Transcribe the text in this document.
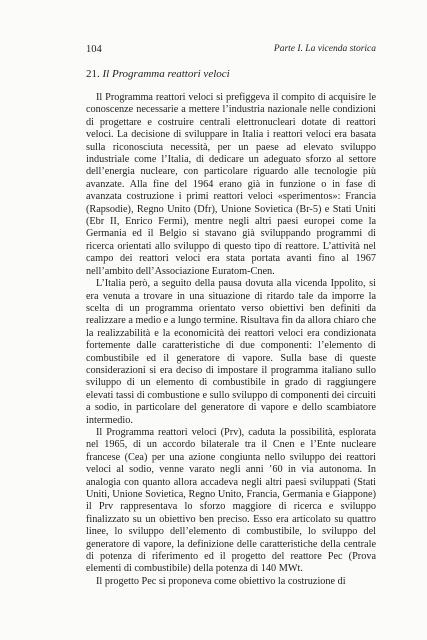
104	Parte I. La vicenda storica
21. Il Programma reattori veloci

Il Programma reattori veloci si prefiggeva il compito di acquisire le conoscenze necessarie a mettere l’industria nazionale nelle condizioni di progettare e costruire centrali elettronucleari dotate di reattori veloci. La decisione di sviluppare in Italia i reattori veloci era basata sulla riconosciuta necessità, per un paese ad elevato sviluppo industriale come l’Italia, di dedicare un adeguato sforzo al settore dell’energia nucleare, con particolare riguardo alle tecnologie più avanzate. Alla fine del 1964 erano già in funzione o in fase di avanzata costruzione i primi reattori veloci «sperimentos»: Francia (Rapsodie), Regno Unito (Dfr), Unione Sovietica (Br-5) e Stati Uniti (Ebr II, Enrico Fermi), mentre negli altri paesi europei come la Germania ed il Belgio si stavano già sviluppando programmi di ricerca orientati allo sviluppo di questo tipo di reattore. L’attività nel campo dei reattori veloci era stata portata avanti fino al 1967 nell’ambito dell’Associazione Euratom-Cnen.

L’Italia però, a seguito della pausa dovuta alla vicenda Ippolito, si era venuta a trovare in una situazione di ritardo tale da imporre la scelta di un programma orientato verso obiettivi ben definiti da realizzare a medio e a lungo termine. Risultava fin da allora chiaro che la realizzabilità e la economicità dei reattori veloci era condizionata fortemente dalle caratteristiche di due componenti: l’elemento di combustibile ed il generatore di vapore. Sulla base di queste considerazioni si era deciso di impostare il programma italiano sullo sviluppo di un elemento di combustibile in grado di raggiungere elevati tassi di combustione e sullo sviluppo di componenti dei circuiti a sodio, in particolare del generatore di vapore e dello scambiatore intermedio.

Il Programma reattori veloci (Prv), caduta la possibilità, esplorata nel 1965, di un accordo bilaterale tra il Cnen e l’Ente nucleare francese (Cea) per una azione congiunta nello sviluppo dei reattori veloci al sodio, venne varato negli anni ’60 in via autonoma. In analogia con quanto allora accadeva negli altri paesi sviluppati (Stati Uniti, Unione Sovietica, Regno Unito, Francia, Germania e Giappone) il Prv rappresentava lo sforzo maggiore di ricerca e sviluppo finalizzato su un obiettivo ben preciso. Esso era articolato su quattro linee, lo sviluppo dell’elemento di combustibile, lo sviluppo del generatore di vapore, la definizione delle caratteristiche della centrale di potenza di riferimento ed il progetto del reattore Pec (Prova elementi di combustibile) della potenza di 140 MWt.

Il progetto Pec si proponeva come obiettivo la costruzione di
